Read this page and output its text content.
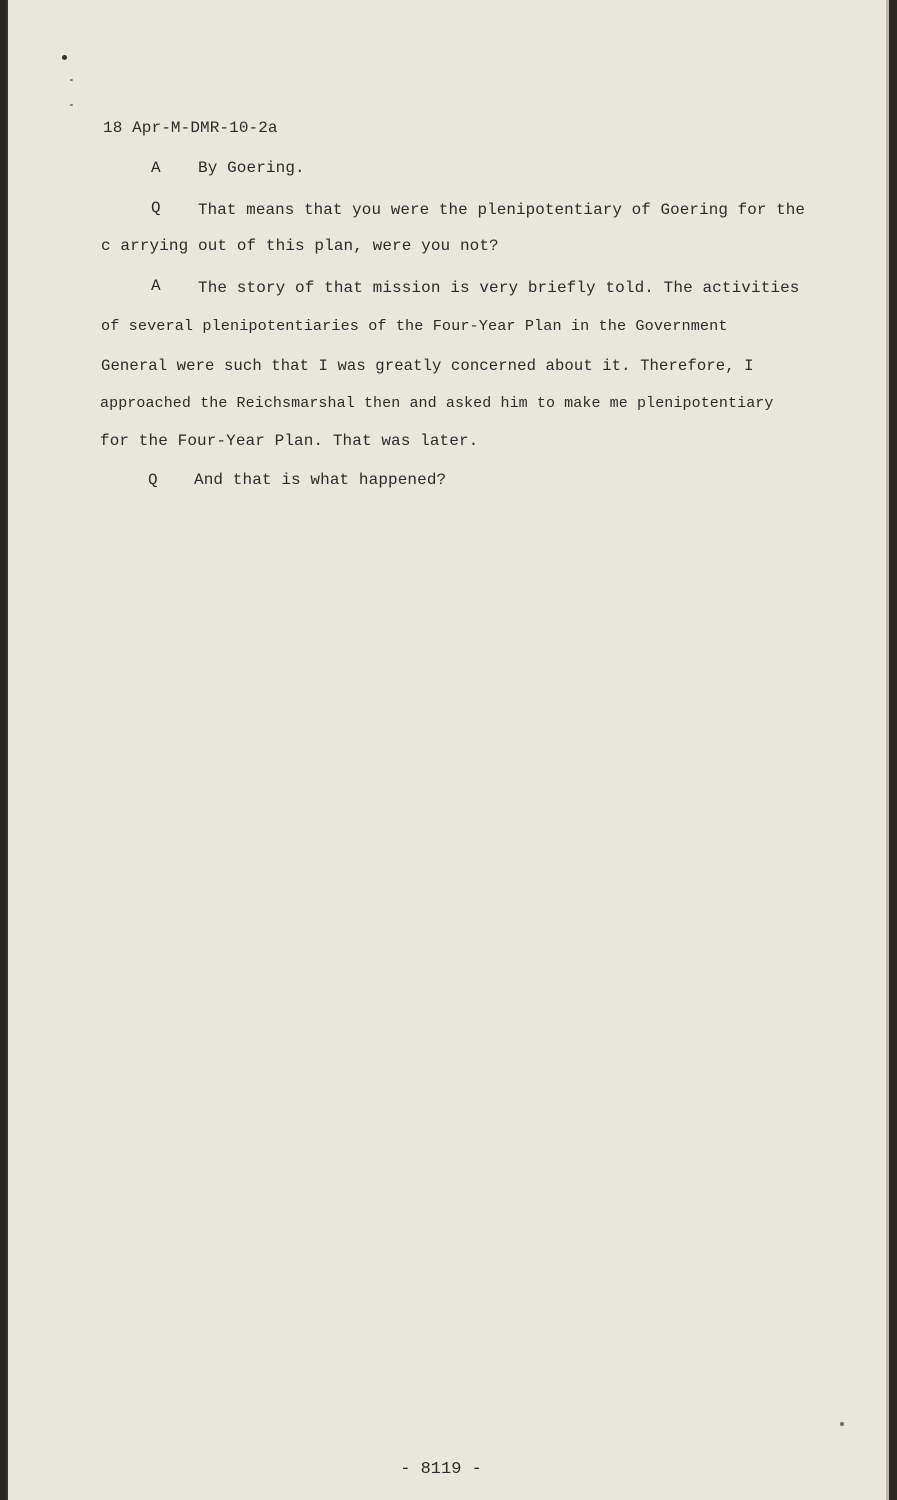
18 Apr-M-DMR-10-2a
A By Goering.
Q That means that you were the plenipotentiary of Goering for the
c arrying out of this plan, were you not?
A The story of that mission is very briefly told. The activities
of several plenipotentiaries of the Four-Year Plan in the Government
General were such that I was greatly concerned about it. Therefore, I
approached the Reichsmarshal then and asked him to make me plenipotentiary
for the Four-Year Plan. That was later.
Q And that is what happened?
- 8119 -
